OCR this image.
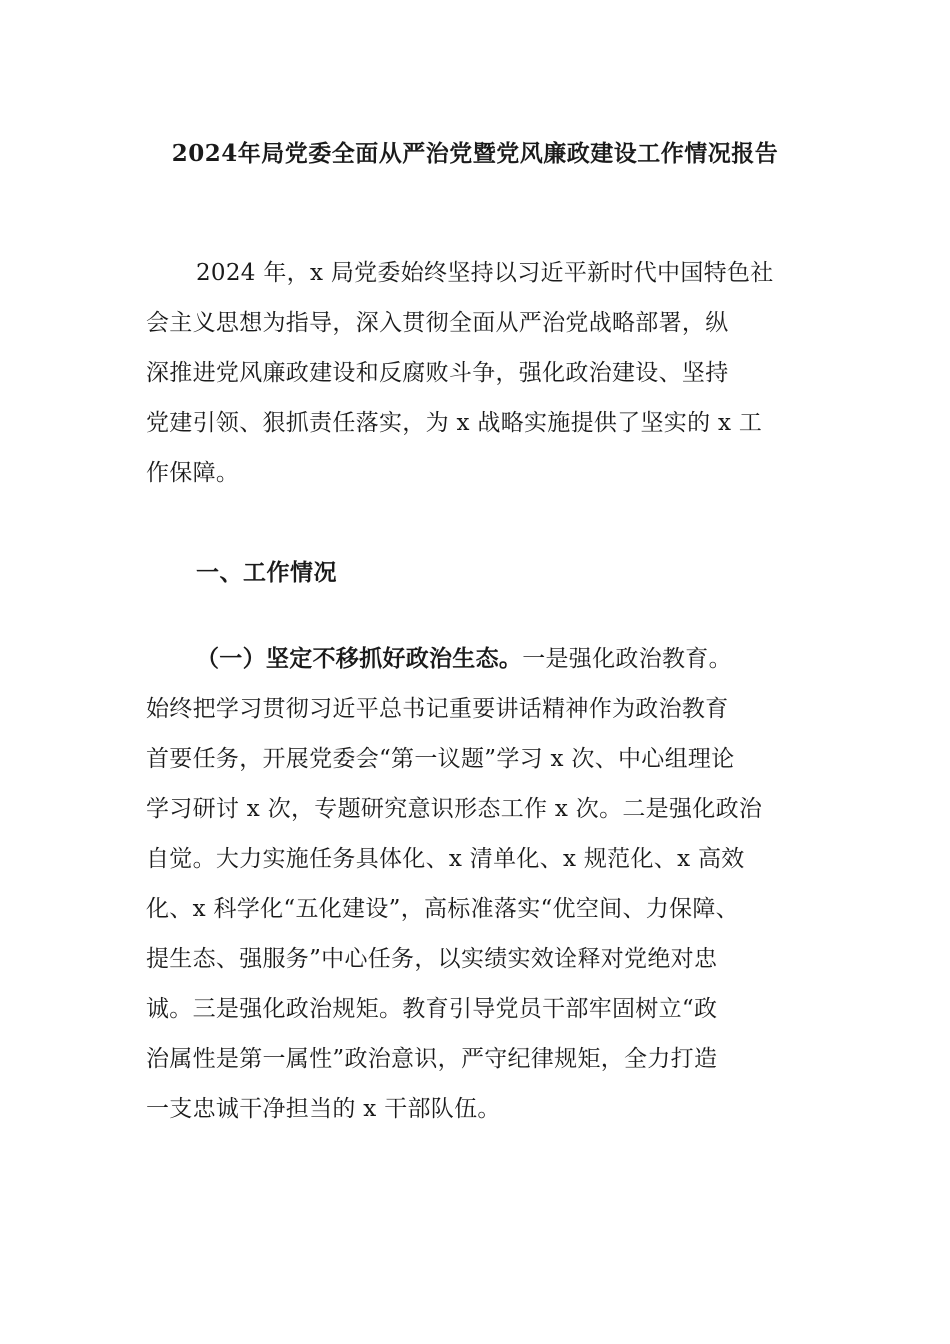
2024年局党委全面从严治党暨党风廉政建设工作情况报告
2024 年，x 局党委始终坚持以习近平新时代中国特色社
会主义思想为指导，深入贯彻全面从严治党战略部署，纵
深推进党风廉政建设和反腐败斗争，强化政治建设、坚持
党建引领、狠抓责任落实，为 x 战略实施提供了坚实的 x 工
作保障。
一、工作情况
（一）坚定不移抓好政治生态。一是强化政治教育。
始终把学习贯彻习近平总书记重要讲话精神作为政治教育
首要任务，开展党委会“第一议题”学习 x 次、中心组理论
学习研讨 x 次，专题研究意识形态工作 x 次。二是强化政治
自觉。大力实施任务具体化、x 清单化、x 规范化、x 高效
化、x 科学化“五化建设”，高标准落实“优空间、力保障、
提生态、强服务”中心任务，以实绩实效诠释对党绝对忠
诚。三是强化政治规矩。教育引导党员干部牢固树立“政
治属性是第一属性”政治意识，严守纪律规矩，全力打造
一支忠诚干净担当的 x 干部队伍。
